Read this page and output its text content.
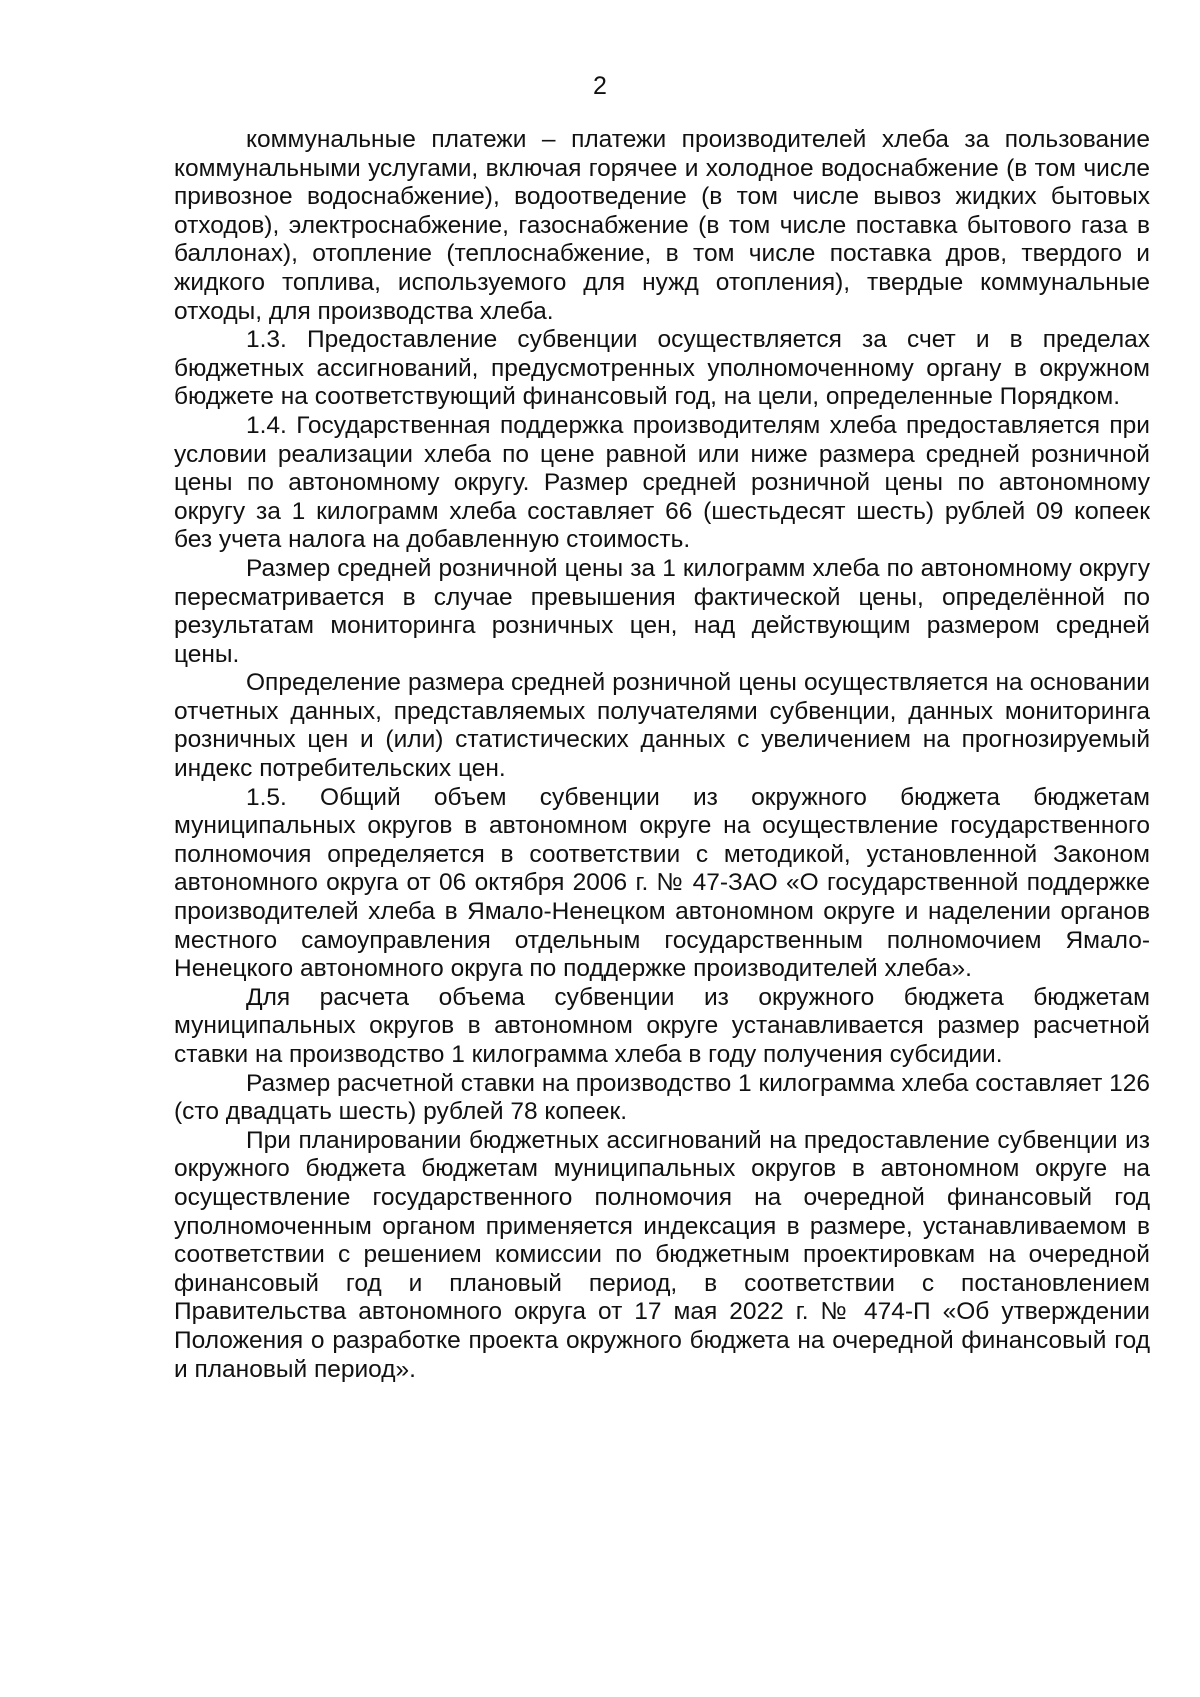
2

коммунальные платежи – платежи производителей хлеба за пользование коммунальными услугами, включая горячее и холодное водоснабжение (в том числе привозное водоснабжение), водоотведение (в том числе вывоз жидких бытовых отходов), электроснабжение, газоснабжение (в том числе поставка бытового газа в баллонах), отопление (теплоснабжение, в том числе поставка дров, твердого и жидкого топлива, используемого для нужд отопления), твердые коммунальные отходы, для производства хлеба.

1.3. Предоставление субвенции осуществляется за счет и в пределах бюджетных ассигнований, предусмотренных уполномоченному органу в окружном бюджете на соответствующий финансовый год, на цели, определенные Порядком.

1.4. Государственная поддержка производителям хлеба предоставляется при условии реализации хлеба по цене равной или ниже размера средней розничной цены по автономному округу. Размер средней розничной цены по автономному округу за 1 килограмм хлеба составляет 66 (шестьдесят шесть) рублей 09 копеек без учета налога на добавленную стоимость.

Размер средней розничной цены за 1 килограмм хлеба по автономному округу пересматривается в случае превышения фактической цены, определённой по результатам мониторинга розничных цен, над действующим размером средней цены.

Определение размера средней розничной цены осуществляется на основании отчетных данных, представляемых получателями субвенции, данных мониторинга розничных цен и (или) статистических данных с увеличением на прогнозируемый индекс потребительских цен.

1.5. Общий объем субвенции из окружного бюджета бюджетам муниципальных округов в автономном округе на осуществление государственного полномочия определяется в соответствии с методикой, установленной Законом автономного округа от 06 октября 2006 г. № 47-ЗАО «О государственной поддержке производителей хлеба в Ямало-Ненецком автономном округе и наделении органов местного самоуправления отдельным государственным полномочием Ямало-Ненецкого автономного округа по поддержке производителей хлеба».

Для расчета объема субвенции из окружного бюджета бюджетам муниципальных округов в автономном округе устанавливается размер расчетной ставки на производство 1 килограмма хлеба в году получения субсидии.

Размер расчетной ставки на производство 1 килограмма хлеба составляет 126 (сто двадцать шесть) рублей 78 копеек.

При планировании бюджетных ассигнований на предоставление субвенции из окружного бюджета бюджетам муниципальных округов в автономном округе на осуществление государственного полномочия на очередной финансовый год уполномоченным органом применяется индексация в размере, устанавливаемом в соответствии с решением комиссии по бюджетным проектировкам на очередной финансовый год и плановый период, в соответствии с постановлением Правительства автономного округа от 17 мая 2022 г. № 474-П «Об утверждении Положения о разработке проекта окружного бюджета на очередной финансовый год и плановый период».
